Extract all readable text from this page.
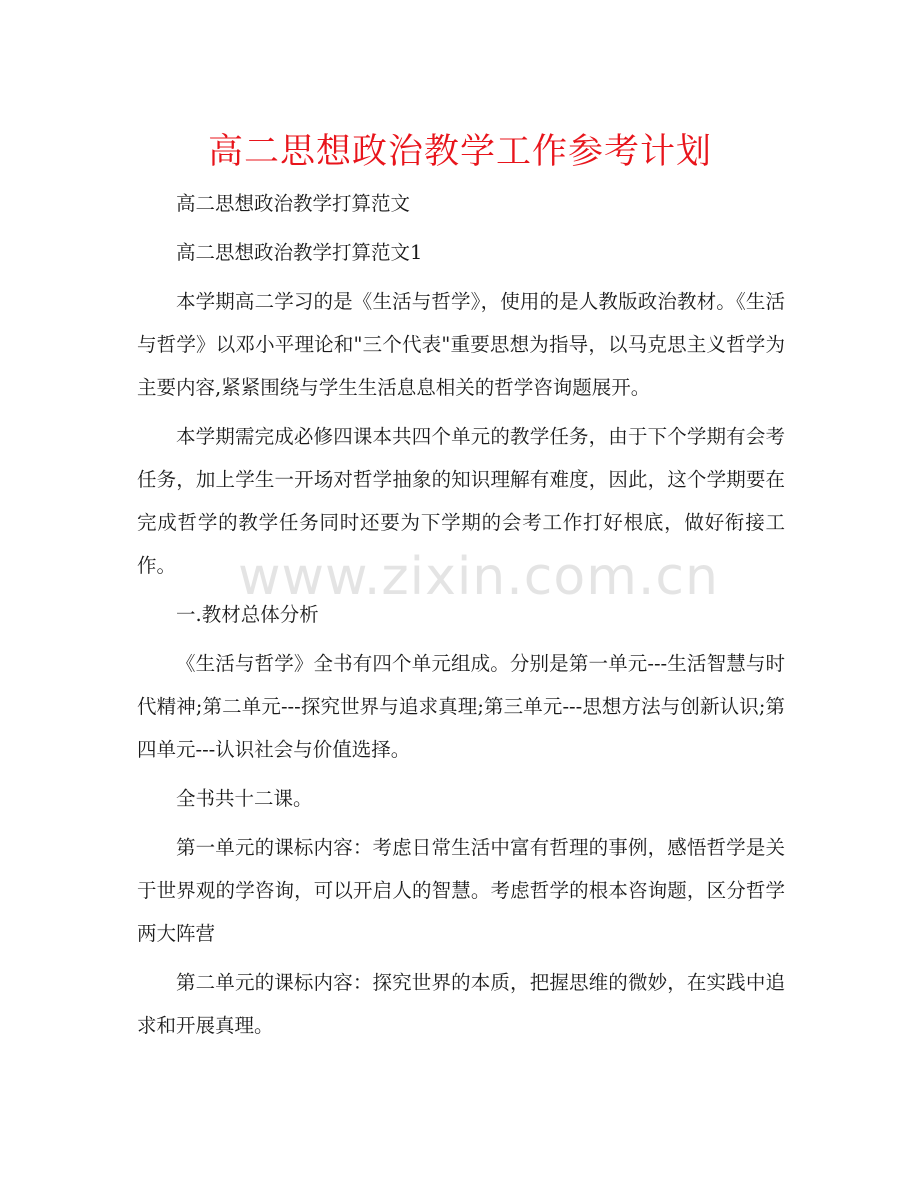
高二思想政治教学工作参考计划

高二思想政治教学打算范文

高二思想政治教学打算范文1

本学期高二学习的是《生活与哲学》，使用的是人教版政治教材。《生活与哲学》以邓小平理论和"三个代表"重要思想为指导，以马克思主义哲学为主要内容,紧紧围绕与学生生活息息相关的哲学咨询题展开。

本学期需完成必修四课本共四个单元的教学任务，由于下个学期有会考任务，加上学生一开场对哲学抽象的知识理解有难度，因此，这个学期要在完成哲学的教学任务同时还要为下学期的会考工作打好根底，做好衔接工作。

一.教材总体分析

《生活与哲学》全书有四个单元组成。分别是第一单元---生活智慧与时代精神;第二单元---探究世界与追求真理;第三单元---思想方法与创新认识;第四单元---认识社会与价值选择。

全书共十二课。

第一单元的课标内容：考虑日常生活中富有哲理的事例，感悟哲学是关于世界观的学咨询，可以开启人的智慧。考虑哲学的根本咨询题，区分哲学两大阵营

第二单元的课标内容：探究世界的本质，把握思维的微妙，在实践中追求和开展真理。

www.zixin.com.cn
